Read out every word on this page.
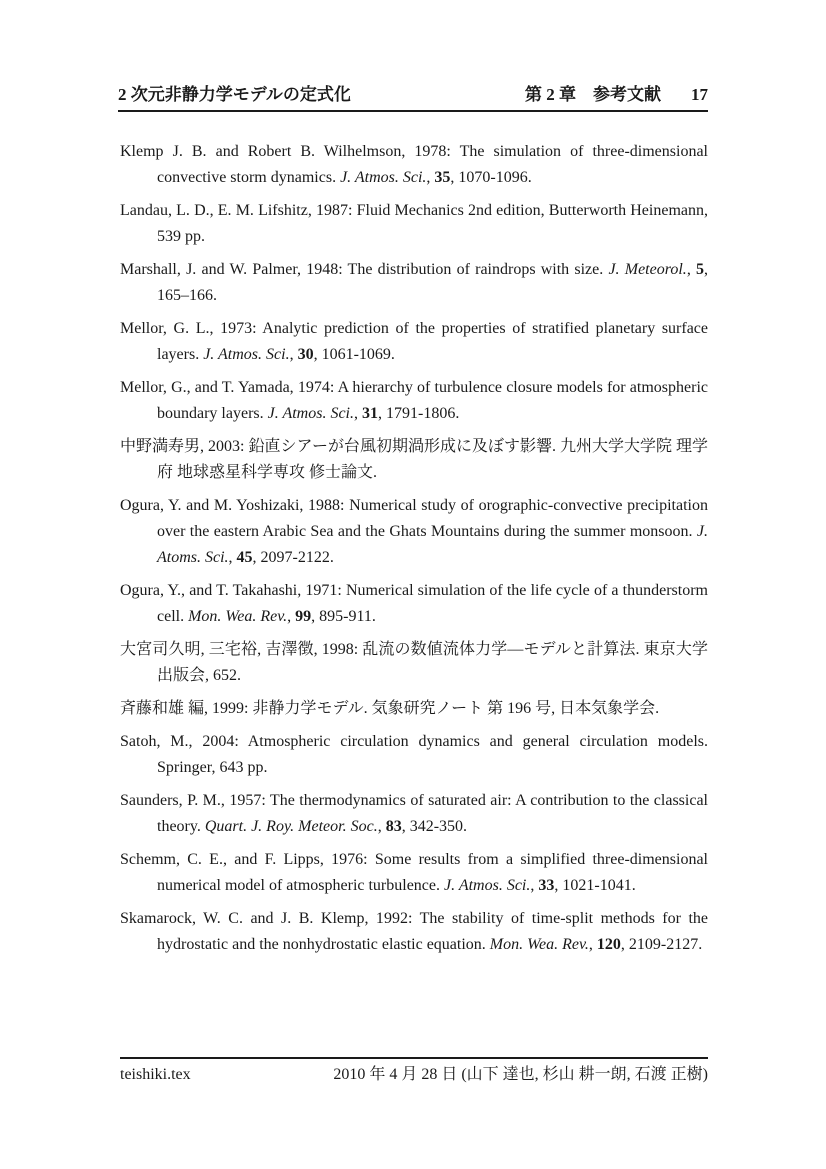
2 次元非静力学モデルの定式化	第 2 章 参考文献 17

Klemp J. B. and Robert B. Wilhelmson, 1978: The simulation of three-dimensional convective storm dynamics. J. Atmos. Sci., 35, 1070-1096.

Landau, L. D., E. M. Lifshitz, 1987: Fluid Mechanics 2nd edition, Butterworth Heinemann, 539 pp.

Marshall, J. and W. Palmer, 1948: The distribution of raindrops with size. J. Meteorol., 5, 165–166.

Mellor, G. L., 1973: Analytic prediction of the properties of stratified planetary surface layers. J. Atmos. Sci., 30, 1061-1069.

Mellor, G., and T. Yamada, 1974: A hierarchy of turbulence closure models for atmospheric boundary layers. J. Atmos. Sci., 31, 1791-1806.

中野満寿男, 2003: 鉛直シアーが台風初期渦形成に及ぼす影響. 九州大学大学院 理学府 地球惑星科学専攻 修士論文.

Ogura, Y. and M. Yoshizaki, 1988: Numerical study of orographic-convective precipitation over the eastern Arabic Sea and the Ghats Mountains during the summer monsoon. J. Atoms. Sci., 45, 2097-2122.

Ogura, Y., and T. Takahashi, 1971: Numerical simulation of the life cycle of a thunderstorm cell. Mon. Wea. Rev., 99, 895-911.

大宮司久明, 三宅裕, 吉澤徴, 1998: 乱流の数値流体力学—モデルと計算法. 東京大学出版会, 652.

斉藤和雄 編, 1999: 非静力学モデル. 気象研究ノート 第 196 号, 日本気象学会.

Satoh, M., 2004: Atmospheric circulation dynamics and general circulation models. Springer, 643 pp.

Saunders, P. M., 1957: The thermodynamics of saturated air: A contribution to the classical theory. Quart. J. Roy. Meteor. Soc., 83, 342-350.

Schemm, C. E., and F. Lipps, 1976: Some results from a simplified three-dimensional numerical model of atmospheric turbulence. J. Atmos. Sci., 33, 1021-1041.

Skamarock, W. C. and J. B. Klemp, 1992: The stability of time-split methods for the hydrostatic and the nonhydrostatic elastic equation. Mon. Wea. Rev., 120, 2109-2127.

teishiki.tex	2010 年 4 月 28 日 (山下 達也, 杉山 耕一朗, 石渡 正樹)
